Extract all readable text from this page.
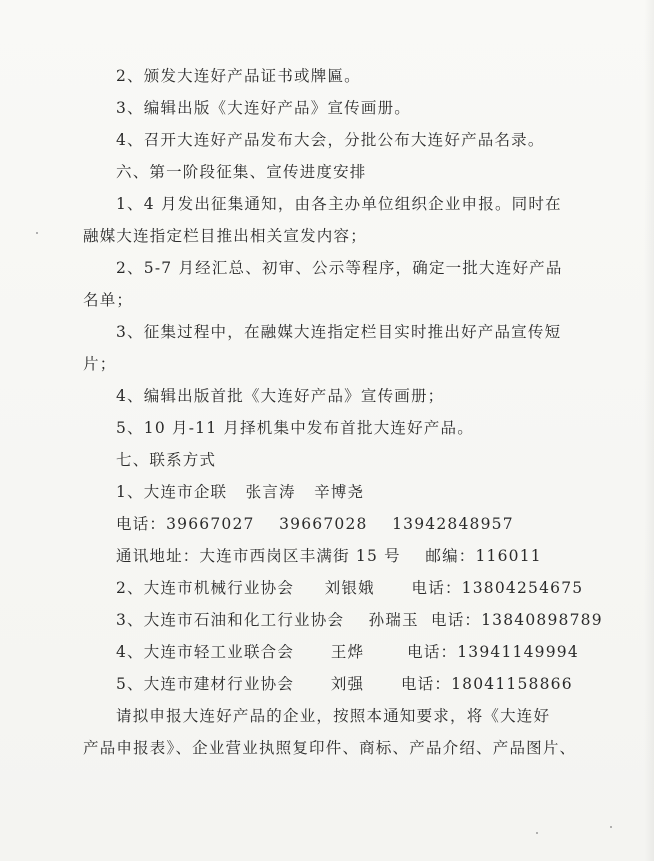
2、颁发大连好产品证书或牌匾。
3、编辑出版《大连好产品》宣传画册。
4、召开大连好产品发布大会，分批公布大连好产品名录。
六、第一阶段征集、宣传进度安排
1、4 月发出征集通知，由各主办单位组织企业申报。同时在
融媒大连指定栏目推出相关宣发内容；
2、5-7 月经汇总、初审、公示等程序，确定一批大连好产品
名单；
3、征集过程中，在融媒大连指定栏目实时推出好产品宣传短
片；
4、编辑出版首批《大连好产品》宣传画册；
5、10 月-11 月择机集中发布首批大连好产品。
七、联系方式
1、大连市企联   张言涛   辛博尧
电话：39667027    39667028    13942848957
通讯地址：大连市西岗区丰满街 15 号    邮编：116011
2、大连市机械行业协会     刘银娥      电话：13804254675
3、大连市石油和化工行业协会    孙瑞玉  电话：13840898789
4、大连市轻工业联合会      王烨       电话：13941149994
5、大连市建材行业协会      刘强      电话：18041158866
请拟申报大连好产品的企业，按照本通知要求，将《大连好
产品申报表》、企业营业执照复印件、商标、产品介绍、产品图片、
